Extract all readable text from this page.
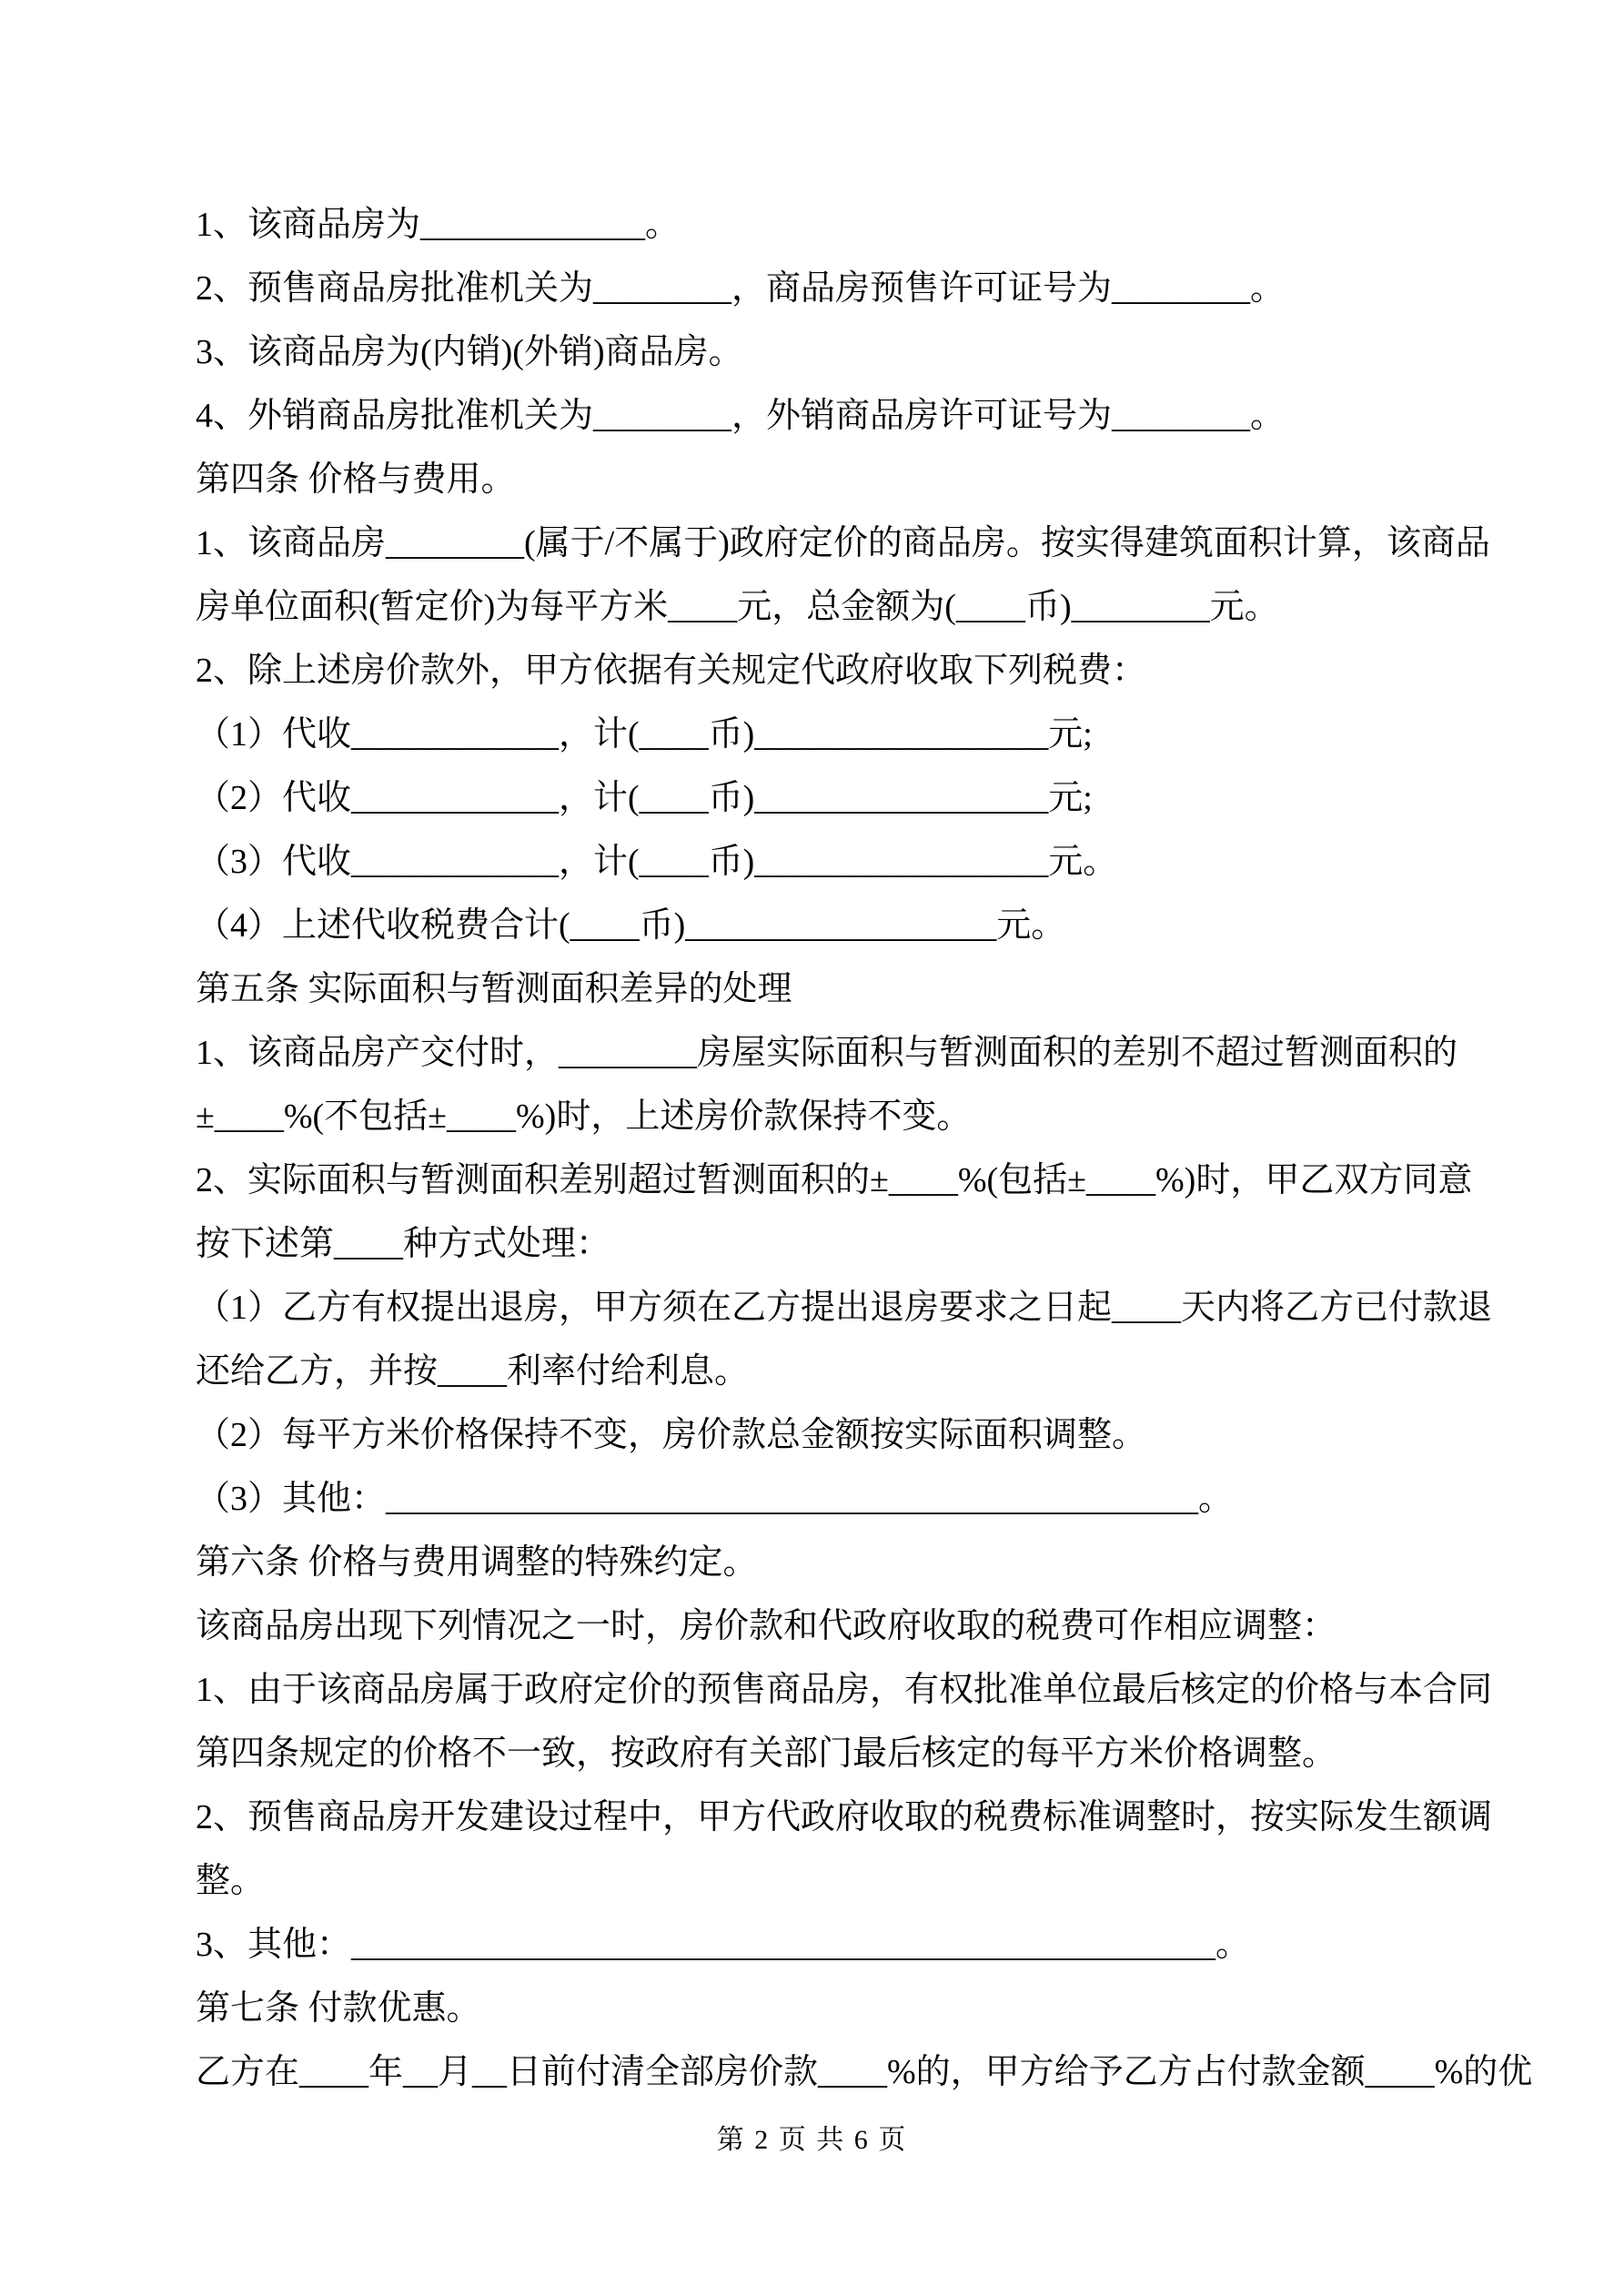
1、该商品房为_____________。
2、预售商品房批准机关为________，商品房预售许可证号为________。
3、该商品房为(内销)(外销)商品房。
4、外销商品房批准机关为________，外销商品房许可证号为________。
第四条 价格与费用。
1、该商品房________(属于/不属于)政府定价的商品房。按实得建筑面积计算，该商品
房单位面积(暂定价)为每平方米____元，总金额为(____币)________元。
2、除上述房价款外，甲方依据有关规定代政府收取下列税费：
（1）代收____________，计(____币)_________________元;
（2）代收____________，计(____币)_________________元;
（3）代收____________，计(____币)_________________元。
（4）上述代收税费合计(____币)__________________元。
第五条 实际面积与暂测面积差异的处理
1、该商品房产交付时，________房屋实际面积与暂测面积的差别不超过暂测面积的
±____%(不包括±____%)时，上述房价款保持不变。
2、实际面积与暂测面积差别超过暂测面积的±____%(包括±____%)时，甲乙双方同意
按下述第____种方式处理：
（1）乙方有权提出退房，甲方须在乙方提出退房要求之日起____天内将乙方已付款退
还给乙方，并按____利率付给利息。
（2）每平方米价格保持不变，房价款总金额按实际面积调整。
（3）其他：_______________________________________________。
第六条 价格与费用调整的特殊约定。
该商品房出现下列情况之一时，房价款和代政府收取的税费可作相应调整：
1、由于该商品房属于政府定价的预售商品房，有权批准单位最后核定的价格与本合同
第四条规定的价格不一致，按政府有关部门最后核定的每平方米价格调整。
2、预售商品房开发建设过程中，甲方代政府收取的税费标准调整时，按实际发生额调
整。
3、其他：__________________________________________________。
第七条 付款优惠。
乙方在____年__月__日前付清全部房价款____%的，甲方给予乙方占付款金额____%的优
第 2 页 共 6 页
